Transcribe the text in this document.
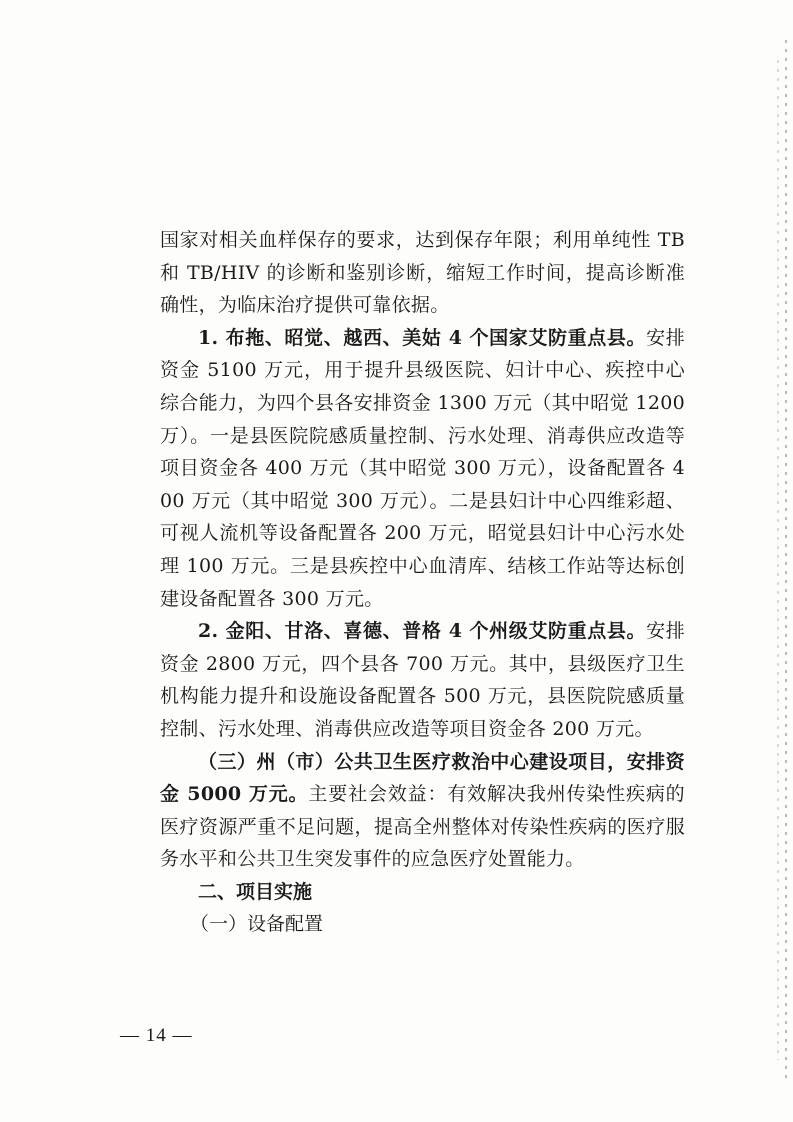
国家对相关血样保存的要求，达到保存年限；利用单纯性 TB 和 TB/HIV 的诊断和鉴别诊断，缩短工作时间，提高诊断准确性，为临床治疗提供可靠依据。

1. 布拖、昭觉、越西、美姑 4 个国家艾防重点县。安排资金 5100 万元，用于提升县级医院、妇计中心、疾控中心综合能力，为四个县各安排资金 1300 万元（其中昭觉 1200 万）。一是县医院院感质量控制、污水处理、消毒供应改造等项目资金各 400 万元（其中昭觉 300 万元），设备配置各 400 万元（其中昭觉 300 万元）。二是县妇计中心四维彩超、可视人流机等设备配置各 200 万元，昭觉县妇计中心污水处理 100 万元。三是县疾控中心血清库、结核工作站等达标创建设备配置各 300 万元。

2. 金阳、甘洛、喜德、普格 4 个州级艾防重点县。安排资金 2800 万元，四个县各 700 万元。其中，县级医疗卫生机构能力提升和设施设备配置各 500 万元，县医院院感质量控制、污水处理、消毒供应改造等项目资金各 200 万元。

（三）州（市）公共卫生医疗救治中心建设项目，安排资金 5000 万元。主要社会效益：有效解决我州传染性疾病的医疗资源严重不足问题，提高全州整体对传染性疾病的医疗服务水平和公共卫生突发事件的应急医疗处置能力。

二、项目实施

（一）设备配置

— 14 —
